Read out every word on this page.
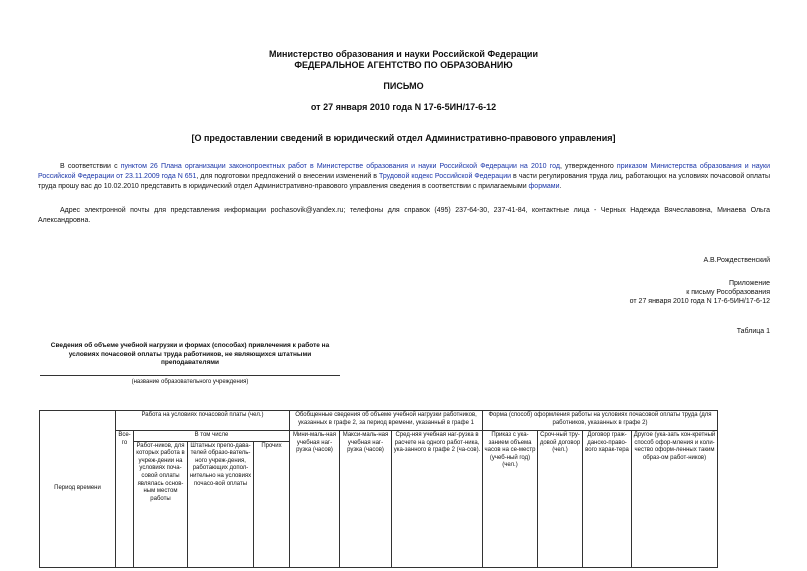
Министерство образования и науки Российской Федерации
ФЕДЕРАЛЬНОЕ АГЕНТСТВО ПО ОБРАЗОВАНИЮ
ПИСЬМО
от 27 января 2010 года N 17-6-5ИН/17-6-12
[О предоставлении сведений в юридический отдел Административно-правового управления]

В соответствии с пунктом 26 Плана организации законопроектных работ в Министерстве образования и науки Российской Федерации на 2010 год, утвержденного приказом Министерства образования и науки Российской Федерации от 23.11.2009 года N 651, для подготовки предложений о внесении изменений в Трудовой кодекс Российской Федерации в части регулирования труда лиц, работающих на условиях почасовой оплаты труда прошу вас до 10.02.2010 представить в юридический отдел Административно-правового управления сведения в соответствии с прилагаемыми формами.

Адрес электронной почты для представления информации pochasovik@yandex.ru; телефоны для справок (495) 237-64-30, 237-41-84, контактные лица - Черных Надежда Вячеславовна, Минаева Ольга Александровна.

А.В.Рождественский
Приложение
к письму Рособразования
от 27 января 2010 года N 17-6-5ИН/17-6-12
Таблица 1
Сведения об объеме учебной нагрузки и формах (способах) привлечения к работе на условиях почасовой оплаты труда работников, не являющихся штатными преподавателями
(название образовательного учреждения)
Период времени	Работа на условиях почасовой платы (чел.)				Обобщенные сведения об объеме учебной нагрузки работников, указанных в графе 2, за период времени, указанный в графе 1			Форма (способ) оформления работы на условиях почасовой оплаты труда (для работников, указанных в графе 2)			
	Все-го	В том числе			Мини-маль-ная учебная наг-рузка (часов)	Макси-маль-ная учебная наг-рузка (часов)	Сред-няя учебная наг-рузка в расчете на одного работ-ника, ука-занного в графе 2 (ча-сов).	Приказ с ука-занием объема часов на се-местр (учеб-ный год) (чел.)	Сроч-ный тру-довой договор (чел.)	Договор граж-данско-право-вого харак-тера	Другое (ука-зать кон-кретный способ офор-мления и коли-чество оформ-ленных таким образ-ом работ-ников)
		Работ-ников, для которых работа в учреж-дении на условиях поча-совой оплаты являлась основ-ным местом работы	Штатных препо-дава-телей образо-ватель-ного учреж-дения, работающих допол-нительно на условиях почасо-вой оплаты	Прочих							
